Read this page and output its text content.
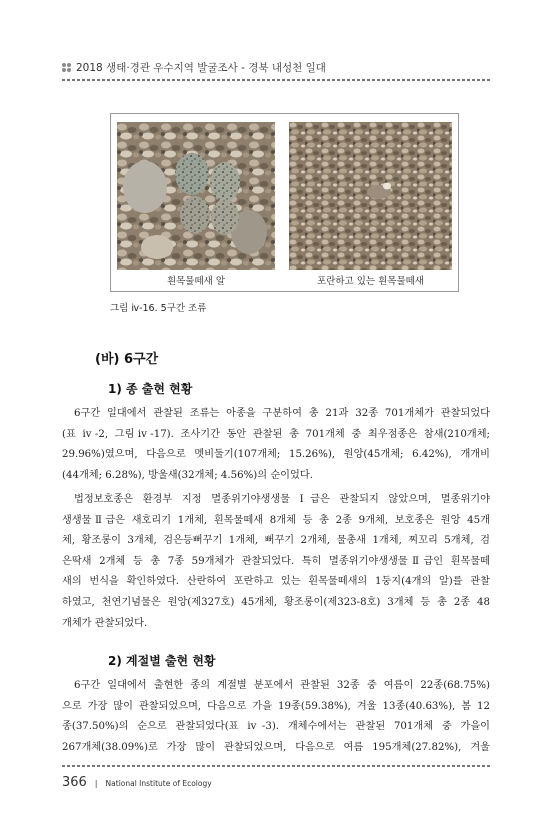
2018 생태·경관 우수지역 발굴조사 - 경북 내성천 일대
흰목물떼새 알	포란하고 있는 흰목물떼새
그림 ⅳ-16. 5구간 조류
(바) 6구간
1) 종 출현 현황
6구간 일대에서 관찰된 조류는 아종을 구분하여 총 21과 32종 701개체가 관찰되었다
(표 ⅳ-2, 그림ⅳ-17). 조사기간 동안 관찰된 총 701개체 중 최우점종은 참새(210개체;
29.96%)였으며, 다음으로 멧비둘기(107개체; 15.26%), 원앙(45개체; 6.42%), 개개비
(44개체; 6.28%), 방울새(32개체; 4.56%)의 순이었다.
법정보호종은 환경부 지정 멸종위기야생생물 Ⅰ급은 관찰되지 않았으며, 멸종위기야
생생물Ⅱ급은 새호리기 1개체, 흰목물떼새 8개체 등 총 2종 9개체, 보호종은 원앙 45개
체, 황조롱이 3개체, 검은등뻐꾸기 1개체, 뻐꾸기 2개체, 물총새 1개체, 찌꼬리 5개체, 검
은딱새 2개체 등 총 7종 59개체가 관찰되었다. 특히 멸종위기야생생물Ⅱ급인 흰목물떼
새의 번식을 확인하였다. 산란하여 포란하고 있는 흰목물떼새의 1둥지(4개의 알)를 관찰
하였고, 천연기념물은 원앙(제327호) 45개체, 황조롱이(제323-8호) 3개체 등 총 2종 48
개체가 관찰되었다.
2) 계절별 출현 현황
6구간 일대에서 출현한 종의 계절별 분포에서 관찰된 32종 중 여름이 22종(68.75%)
으로 가장 많이 관찰되었으며, 다음으로 가을 19종(59.38%), 겨울 13종(40.63%), 봄 12
종(37.50%)의 순으로 관찰되었다(표 ⅳ-3). 개체수에서는 관찰된 701개체 중 가을이
267개체(38.09%)로 가장 많이 관찰되었으며, 다음으로 여름 195개체(27.82%), 겨울
366 | National Institute of Ecology
